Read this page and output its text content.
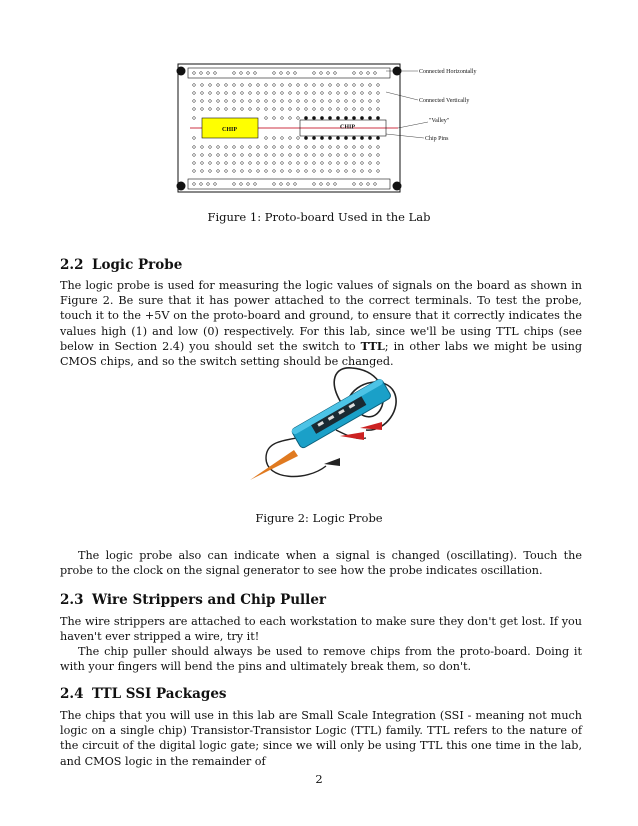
CHIP	CHIP
Connected Horizontally
Connected Vertically
"Valley"
Chip Pins
Figure 1: Proto-board Used in the Lab
2.2 Logic Probe
The logic probe is used for measuring the logic values of signals on the board as shown in Figure 2. Be sure that it has power attached to the correct terminals. To test the probe, touch it to the +5V on the proto-board and ground, to ensure that it correctly indicates the values high (1) and low (0) respectively. For this lab, since we'll be using TTL chips (see below in Section 2.4) you should set the switch to TTL; in other labs we might be using CMOS chips, and so the switch setting should be changed.
Figure 2: Logic Probe
The logic probe also can indicate when a signal is changed (oscillating). Touch the probe to the clock on the signal generator to see how the probe indicates oscillation.
2.3 Wire Strippers and Chip Puller
The wire strippers are attached to each workstation to make sure they don't get lost. If you haven't ever stripped a wire, try it!
The chip puller should always be used to remove chips from the proto-board. Doing it with your fingers will bend the pins and ultimately break them, so don't.
2.4 TTL SSI Packages
The chips that you will use in this lab are Small Scale Integration (SSI - meaning not much logic on a single chip) Transistor-Transistor Logic (TTL) family. TTL refers to the nature of the circuit of the digital logic gate; since we will only be using TTL this one time in the lab, and CMOS logic in the remainder of
2
